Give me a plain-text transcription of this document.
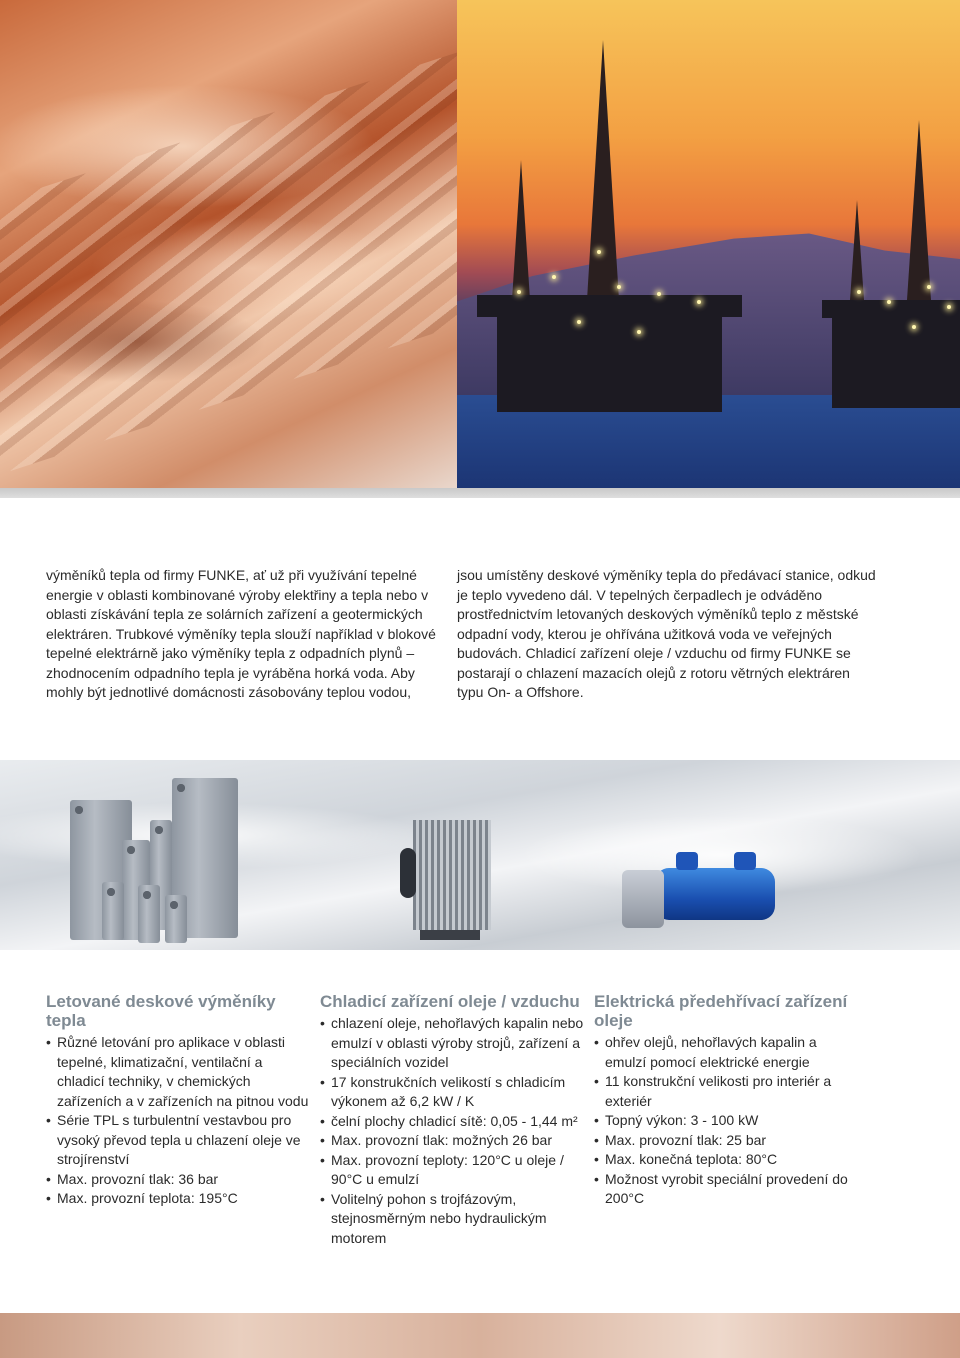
výměníků tepla od firmy FUNKE, ať už při využívání tepelné energie v oblasti kombinované výroby elektřiny a tepla nebo v oblasti získávání tepla ze solárních zařízení a geotermických elektráren. Trubkové výměníky tepla slouží například v blokové tepelné elektrárně jako výměníky tepla z odpadních plynů – zhodnocením odpadního tepla je vyráběna horká voda. Aby mohly být jednotlivé domácnosti zásobovány teplou vodou,

jsou umístěny deskové výměníky tepla do předávací stanice, odkud je teplo vyvedeno dál. V tepelných čerpadlech je odváděno prostřednictvím letovaných deskových výměníků teplo z městské odpadní vody, kterou je ohřívána užitková voda ve veřejných budovách. Chladicí zařízení oleje / vzduchu od firmy FUNKE se postarají o chlazení mazacích olejů z rotoru větrných elektráren typu On- a Offshore.

Letované deskové výměníky tepla
• Různé letování pro aplikace v oblasti tepelné, klimatizační, ventilační a chladicí techniky, v chemických zařízeních a v zařízeních na pitnou vodu
• Série TPL s turbulentní vestavbou pro vysoký převod tepla u chlazení oleje ve strojírenství
• Max. provozní tlak: 36 bar
• Max. provozní teplota: 195°C
Chladicí zařízení oleje / vzduchu
• chlazení oleje, nehořlavých kapalin nebo emulzí v oblasti výroby strojů, zařízení a speciálních vozidel
• 17 konstrukčních velikostí s chladicím výkonem až 6,2 kW / K
• čelní plochy chladicí sítě: 0,05 - 1,44 m²
• Max. provozní tlak: možných 26 bar
• Max. provozní teploty: 120°C u oleje / 90°C u emulzí
• Volitelný pohon s trojfázovým, stejnosměrným nebo hydraulickým motorem
Elektrická předehřívací zařízení oleje
• ohřev olejů, nehořlavých kapalin a emulzí pomocí elektrické energie
• 11 konstrukční velikosti pro interiér a exteriér
• Topný výkon: 3 - 100 kW
• Max. provozní tlak: 25 bar
• Max. konečná teplota: 80°C
• Možnost vyrobit speciální provedení do 200°C
